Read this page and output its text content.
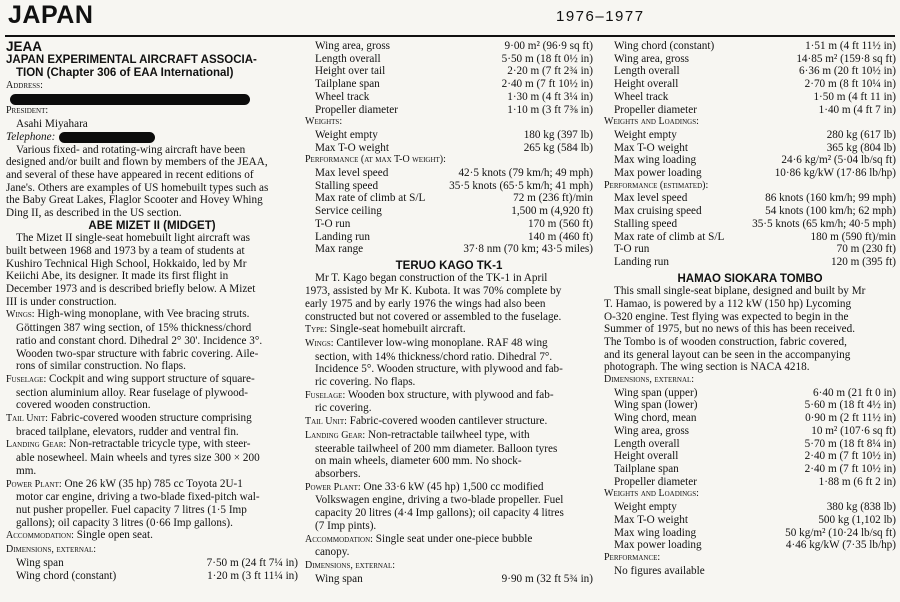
JAPAN	1976–1977
JEAA
JAPAN EXPERIMENTAL AIRCRAFT ASSOCIA-
TION (Chapter 306 of EAA International)
Address:
President:
Asahi Miyahara
Telephone:
Various fixed- and rotating-wing aircraft have been
designed and/or built and flown by members of the JEAA,
and several of these have appeared in recent editions of
Jane's. Others are examples of US homebuilt types such as
the Baby Great Lakes, Flaglor Scooter and Hovey Whing
Ding II, as described in the US section.
ABE MIZET II (MIDGET)
The Mizet II single-seat homebuilt light aircraft was
built between 1968 and 1973 by a team of students at
Kushiro Technical High School, Hokkaido, led by Mr
Keiichi Abe, its designer. It made its first flight in
December 1973 and is described briefly below. A Mizet
III is under construction.
Wings: High-wing monoplane, with Vee bracing struts.
Göttingen 387 wing section, of 15% thickness/chord
ratio and constant chord. Dihedral 2° 30'. Incidence 3°.
Wooden two-spar structure with fabric covering. Aile-
rons of similar construction. No flaps.
Fuselage: Cockpit and wing support structure of square-
section aluminium alloy. Rear fuselage of plywood-
covered wooden construction.
Tail Unit: Fabric-covered wooden structure comprising
braced tailplane, elevators, rudder and ventral fin.
Landing Gear: Non-retractable tricycle type, with steer-
able nosewheel. Main wheels and tyres size 300 × 200
mm.
Power Plant: One 26 kW (35 hp) 785 cc Toyota 2U-1
motor car engine, driving a two-blade fixed-pitch wal-
nut pusher propeller. Fuel capacity 7 litres (1·5 Imp
gallons); oil capacity 3 litres (0·66 Imp gallons).
Accommodation: Single open seat.
Dimensions, external:
Wing span	7·50 m (24 ft 7¼ in)
Wing chord (constant)	1·20 m (3 ft 11¼ in)
Wing area, gross	9·00 m² (96·9 sq ft)
Length overall	5·50 m (18 ft 0½ in)
Height over tail	2·20 m (7 ft 2¾ in)
Tailplane span	2·40 m (7 ft 10½ in)
Wheel track	1·30 m (4 ft 3¼ in)
Propeller diameter	1·10 m (3 ft 7⅜ in)
Weights:
Weight empty	180 kg (397 lb)
Max T-O weight	265 kg (584 lb)
Performance (at max T-O weight):
Max level speed	42·5 knots (79 km/h; 49 mph)
Stalling speed	35·5 knots (65·5 km/h; 41 mph)
Max rate of climb at S/L	72 m (236 ft)/min
Service ceiling	1,500 m (4,920 ft)
T-O run	170 m (560 ft)
Landing run	140 m (460 ft)
Max range	37·8 nm (70 km; 43·5 miles)
TERUO KAGO TK-1
Mr T. Kago began construction of the TK-1 in April
1973, assisted by Mr K. Kubota. It was 70% complete by
early 1975 and by early 1976 the wings had also been
constructed but not covered or assembled to the fuselage.
Type: Single-seat homebuilt aircraft.
Wings: Cantilever low-wing monoplane. RAF 48 wing
section, with 14% thickness/chord ratio. Dihedral 7°.
Incidence 5°. Wooden structure, with plywood and fab-
ric covering. No flaps.
Fuselage: Wooden box structure, with plywood and fab-
ric covering.
Tail Unit: Fabric-covered wooden cantilever structure.
Landing Gear: Non-retractable tailwheel type, with
steerable tailwheel of 200 mm diameter. Balloon tyres
on main wheels, diameter 600 mm. No shock-
absorbers.
Power Plant: One 33·6 kW (45 hp) 1,500 cc modified
Volkswagen engine, driving a two-blade propeller. Fuel
capacity 20 litres (4·4 Imp gallons); oil capacity 4 litres
(7 Imp pints).
Accommodation: Single seat under one-piece bubble
canopy.
Dimensions, external:
Wing span	9·90 m (32 ft 5¾ in)
Wing chord (constant)	1·51 m (4 ft 11½ in)
Wing area, gross	14·85 m² (159·8 sq ft)
Length overall	6·36 m (20 ft 10½ in)
Height overall	2·70 m (8 ft 10¼ in)
Wheel track	1·50 m (4 ft 11 in)
Propeller diameter	1·40 m (4 ft 7 in)
Weights and Loadings:
Weight empty	280 kg (617 lb)
Max T-O weight	365 kg (804 lb)
Max wing loading	24·6 kg/m² (5·04 lb/sq ft)
Max power loading	10·86 kg/kW (17·86 lb/hp)
Performance (estimated):
Max level speed	86 knots (160 km/h; 99 mph)
Max cruising speed	54 knots (100 km/h; 62 mph)
Stalling speed	35·5 knots (65 km/h; 40·5 mph)
Max rate of climb at S/L	180 m (590 ft)/min
T-O run	70 m (230 ft)
Landing run	120 m (395 ft)
HAMAO SIOKARA TOMBO
This small single-seat biplane, designed and built by Mr
T. Hamao, is powered by a 112 kW (150 hp) Lycoming
O-320 engine. Test flying was expected to begin in the
Summer of 1975, but no news of this has been received.
The Tombo is of wooden construction, fabric covered,
and its general layout can be seen in the accompanying
photograph. The wing section is NACA 4218.
Dimensions, external:
Wing span (upper)	6·40 m (21 ft 0 in)
Wing span (lower)	5·60 m (18 ft 4½ in)
Wing chord, mean	0·90 m (2 ft 11½ in)
Wing area, gross	10 m² (107·6 sq ft)
Length overall	5·70 m (18 ft 8¼ in)
Height overall	2·40 m (7 ft 10½ in)
Tailplane span	2·40 m (7 ft 10½ in)
Propeller diameter	1·88 m (6 ft 2 in)
Weights and Loadings:
Weight empty	380 kg (838 lb)
Max T-O weight	500 kg (1,102 lb)
Max wing loading	50 kg/m² (10·24 lb/sq ft)
Max power loading	4·46 kg/kW (7·35 lb/hp)
Performance:
No figures available
